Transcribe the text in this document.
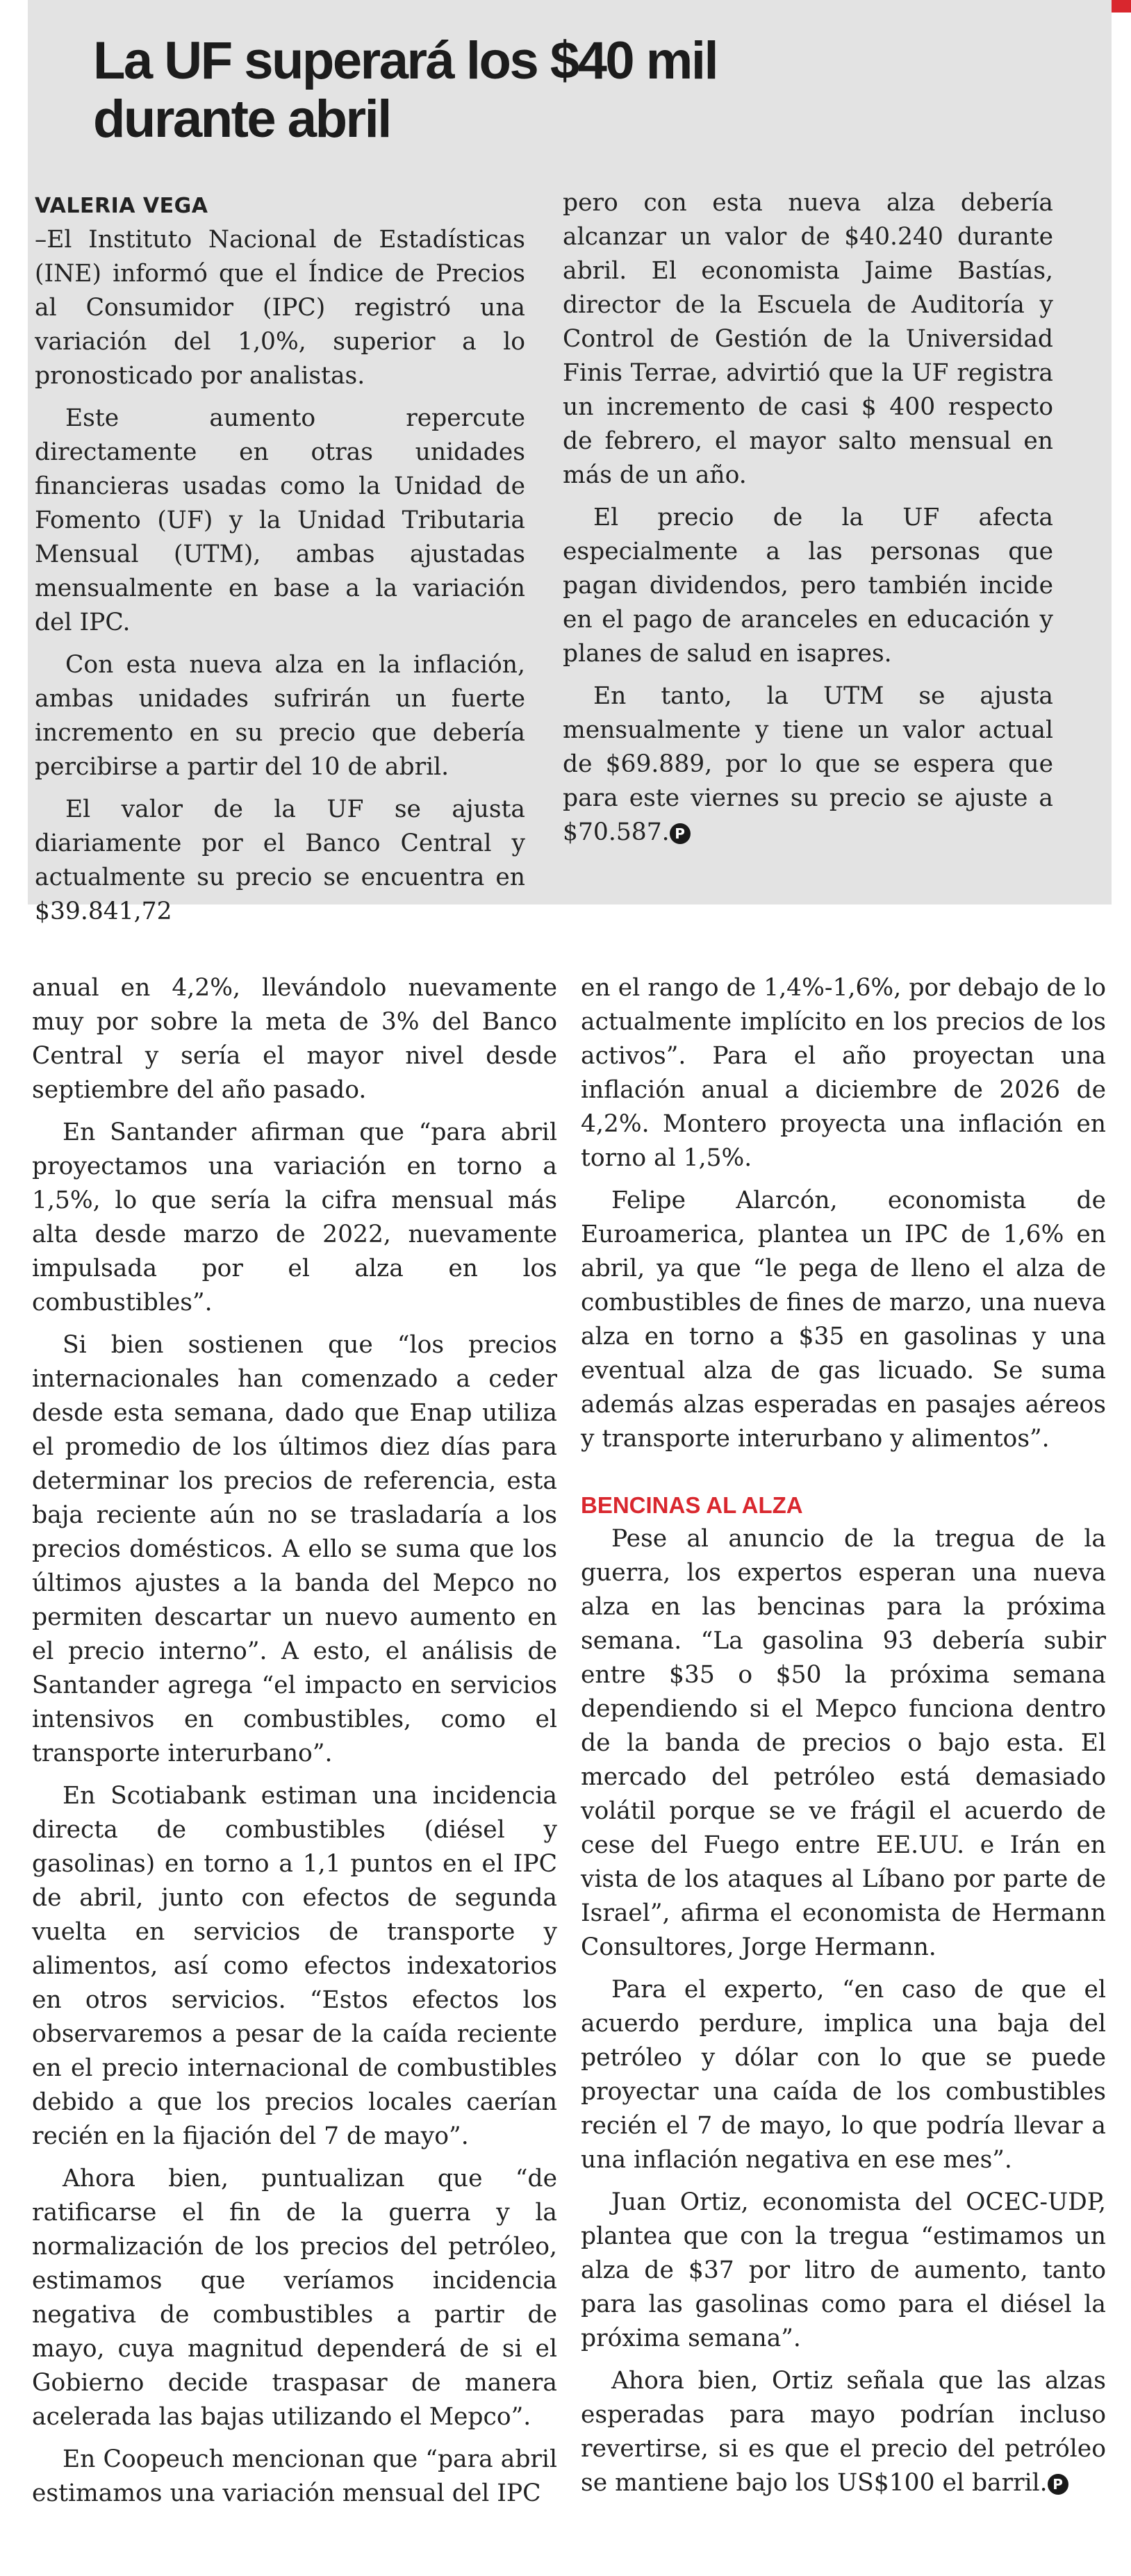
La UF superará los $40 mil
durante abril
VALERIA VEGA

–El Instituto Nacional de Estadísticas (INE) informó que el Índice de Precios al Consumidor (IPC) registró una variación del 1,0%, superior a lo pronosticado por analistas.

Este aumento repercute directamente en otras unidades financieras usadas como la Unidad de Fomento (UF) y la Unidad Tributaria Mensual (UTM), ambas ajustadas mensualmente en base a la variación del IPC.

Con esta nueva alza en la inflación, ambas unidades sufrirán un fuerte incremento en su precio que debería percibirse a partir del 10 de abril.

El valor de la UF se ajusta diariamente por el Banco Central y actualmente su precio se encuentra en $39.841,72

pero con esta nueva alza debería alcanzar un valor de $40.240 durante abril. El economista Jaime Bastías, director de la Escuela de Auditoría y Control de Gestión de la Universidad Finis Terrae, advirtió que la UF registra un incremento de casi $ 400 respecto de febrero, el mayor salto mensual en más de un año.

El precio de la UF afecta especialmente a las personas que pagan dividendos, pero también incide en el pago de aranceles en educación y planes de salud en isapres.

En tanto, la UTM se ajusta mensualmente y tiene un valor actual de $69.889, por lo que se espera que para este viernes su precio se ajuste a $70.587. P

anual en 4,2%, llevándolo nuevamente muy por sobre la meta de 3% del Banco Central y sería el mayor nivel desde septiembre del año pasado.

En Santander afirman que “para abril proyectamos una variación en torno a 1,5%, lo que sería la cifra mensual más alta desde marzo de 2022, nuevamente impulsada por el alza en los combustibles”.

Si bien sostienen que “los precios internacionales han comenzado a ceder desde esta semana, dado que Enap utiliza el promedio de los últimos diez días para determinar los precios de referencia, esta baja reciente aún no se trasladaría a los precios domésticos. A ello se suma que los últimos ajustes a la banda del Mepco no permiten descartar un nuevo aumento en el precio interno”. A esto, el análisis de Santander agrega “el impacto en servicios intensivos en combustibles, como el transporte interurbano”.

En Scotiabank estiman una incidencia directa de combustibles (diésel y gasolinas) en torno a 1,1 puntos en el IPC de abril, junto con efectos de segunda vuelta en servicios de transporte y alimentos, así como efectos indexatorios en otros servicios. “Estos efectos los observaremos a pesar de la caída reciente en el precio internacional de combustibles debido a que los precios locales caerían recién en la fijación del 7 de mayo”.

Ahora bien, puntualizan que “de ratificarse el fin de la guerra y la normalización de los precios del petróleo, estimamos que veríamos incidencia negativa de combustibles a partir de mayo, cuya magnitud dependerá de si el Gobierno decide traspasar de manera acelerada las bajas utilizando el Mepco”.

En Coopeuch mencionan que “para abril estimamos una variación mensual del IPC

en el rango de 1,4%-1,6%, por debajo de lo actualmente implícito en los precios de los activos”. Para el año proyectan una inflación anual a diciembre de 2026 de 4,2%. Montero proyecta una inflación en torno al 1,5%.

Felipe Alarcón, economista de Euroamerica, plantea un IPC de 1,6% en abril, ya que “le pega de lleno el alza de combustibles de fines de marzo, una nueva alza en torno a $35 en gasolinas y una eventual alza de gas licuado. Se suma además alzas esperadas en pasajes aéreos y transporte interurbano y alimentos”.

BENCINAS AL ALZA

Pese al anuncio de la tregua de la guerra, los expertos esperan una nueva alza en las bencinas para la próxima semana. “La gasolina 93 debería subir entre $35 o $50 la próxima semana dependiendo si el Mepco funciona dentro de la banda de precios o bajo esta. El mercado del petróleo está demasiado volátil porque se ve frágil el acuerdo de cese del Fuego entre EE.UU. e Irán en vista de los ataques al Líbano por parte de Israel”, afirma el economista de Hermann Consultores, Jorge Hermann.

Para el experto, “en caso de que el acuerdo perdure, implica una baja del petróleo y dólar con lo que se puede proyectar una caída de los combustibles recién el 7 de mayo, lo que podría llevar a una inflación negativa en ese mes”.

Juan Ortiz, economista del OCEC-UDP, plantea que con la tregua “estimamos un alza de $37 por litro de aumento, tanto para las gasolinas como para el diésel la próxima semana”.

Ahora bien, Ortiz señala que las alzas esperadas para mayo podrían incluso revertirse, si es que el precio del petróleo se mantiene bajo los US$100 el barril. P
